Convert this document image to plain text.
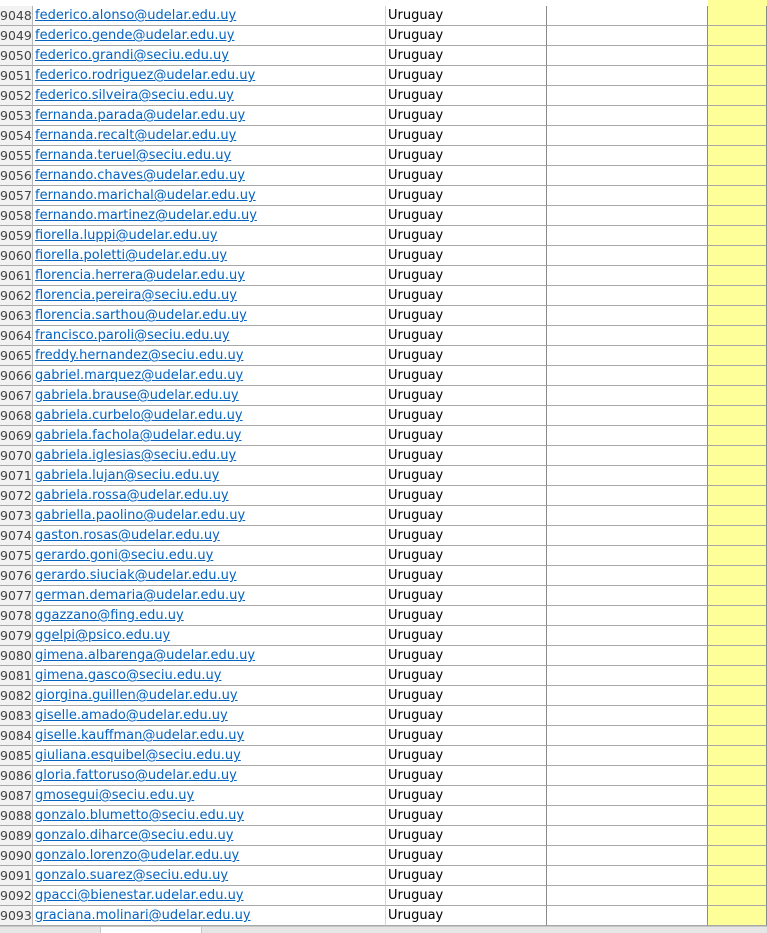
9048 federico.alonso@udelar.edu.uy	Uruguay
9049 federico.gende@udelar.edu.uy	Uruguay
9050 federico.grandi@seciu.edu.uy	Uruguay
9051 federico.rodriguez@udelar.edu.uy	Uruguay
9052 federico.silveira@seciu.edu.uy	Uruguay
9053 fernanda.parada@udelar.edu.uy	Uruguay
9054 fernanda.recalt@udelar.edu.uy	Uruguay
9055 fernanda.teruel@seciu.edu.uy	Uruguay
9056 fernando.chaves@udelar.edu.uy	Uruguay
9057 fernando.marichal@udelar.edu.uy	Uruguay
9058 fernando.martinez@udelar.edu.uy	Uruguay
9059 fiorella.luppi@udelar.edu.uy	Uruguay
9060 fiorella.poletti@udelar.edu.uy	Uruguay
9061 florencia.herrera@udelar.edu.uy	Uruguay
9062 florencia.pereira@seciu.edu.uy	Uruguay
9063 florencia.sarthou@udelar.edu.uy	Uruguay
9064 francisco.paroli@seciu.edu.uy	Uruguay
9065 freddy.hernandez@seciu.edu.uy	Uruguay
9066 gabriel.marquez@udelar.edu.uy	Uruguay
9067 gabriela.brause@udelar.edu.uy	Uruguay
9068 gabriela.curbelo@udelar.edu.uy	Uruguay
9069 gabriela.fachola@udelar.edu.uy	Uruguay
9070 gabriela.iglesias@seciu.edu.uy	Uruguay
9071 gabriela.lujan@seciu.edu.uy	Uruguay
9072 gabriela.rossa@udelar.edu.uy	Uruguay
9073 gabriella.paolino@udelar.edu.uy	Uruguay
9074 gaston.rosas@udelar.edu.uy	Uruguay
9075 gerardo.goni@seciu.edu.uy	Uruguay
9076 gerardo.siuciak@udelar.edu.uy	Uruguay
9077 german.demaria@udelar.edu.uy	Uruguay
9078 ggazzano@fing.edu.uy	Uruguay
9079 ggelpi@psico.edu.uy	Uruguay
9080 gimena.albarenga@udelar.edu.uy	Uruguay
9081 gimena.gasco@seciu.edu.uy	Uruguay
9082 giorgina.guillen@udelar.edu.uy	Uruguay
9083 giselle.amado@udelar.edu.uy	Uruguay
9084 giselle.kauffman@udelar.edu.uy	Uruguay
9085 giuliana.esquibel@seciu.edu.uy	Uruguay
9086 gloria.fattoruso@udelar.edu.uy	Uruguay
9087 gmosegui@seciu.edu.uy	Uruguay
9088 gonzalo.blumetto@seciu.edu.uy	Uruguay
9089 gonzalo.diharce@seciu.edu.uy	Uruguay
9090 gonzalo.lorenzo@udelar.edu.uy	Uruguay
9091 gonzalo.suarez@seciu.edu.uy	Uruguay
9092 gpacci@bienestar.udelar.edu.uy	Uruguay
9093 graciana.molinari@udelar.edu.uy	Uruguay
